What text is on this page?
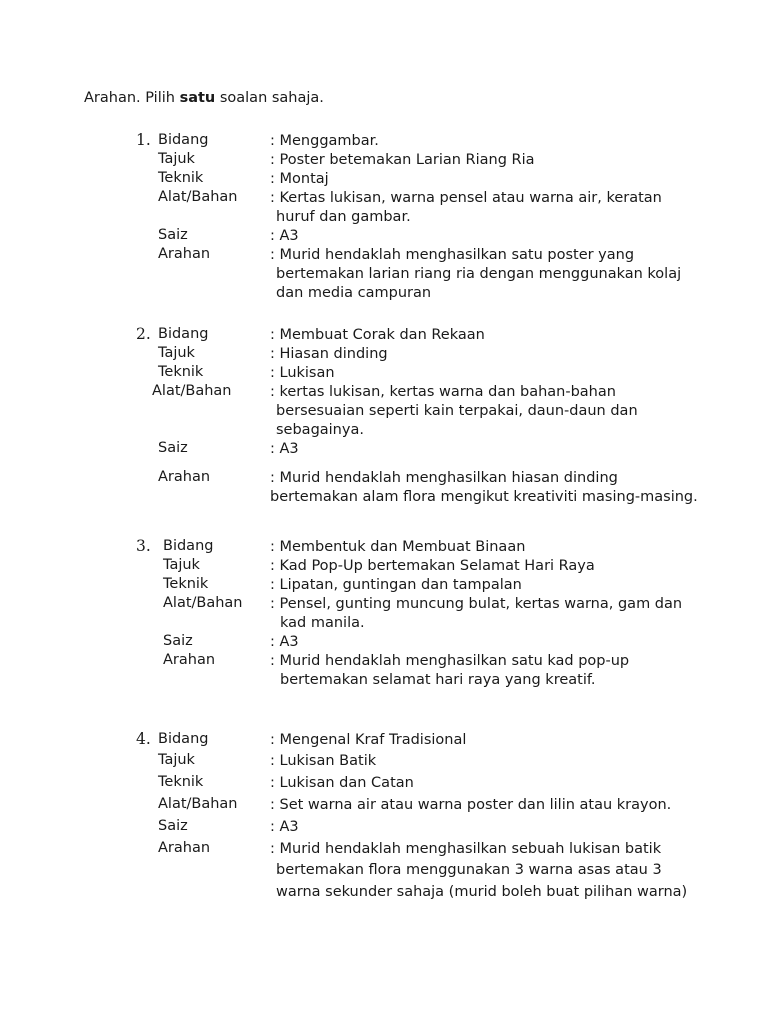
Arahan. Pilih satu soalan sahaja.
1. Bidang	: Menggambar.
Tajuk	: Poster betemakan Larian Riang Ria
Teknik	: Montaj
Alat/Bahan : Kertas lukisan, warna pensel atau warna air, keratan
huruf dan gambar.
Saiz	: A3
Arahan	: Murid hendaklah menghasilkan satu poster yang
bertemakan larian riang ria dengan menggunakan kolaj
dan media campuran
2. Bidang	: Membuat Corak dan Rekaan
Tajuk	: Hiasan dinding
Teknik	: Lukisan
Alat/Bahan	: kertas lukisan, kertas warna dan bahan-bahan
bersesuaian seperti kain terpakai, daun-daun dan
sebagainya.
Saiz	: A3
Arahan	: Murid hendaklah menghasilkan hiasan dinding
bertemakan alam flora mengikut kreativiti masing-masing.
3. Bidang	: Membentuk dan Membuat Binaan
Tajuk	: Kad Pop-Up bertemakan Selamat Hari Raya
Teknik	: Lipatan, guntingan dan tampalan
Alat/Bahan : Pensel, gunting muncung bulat, kertas warna, gam dan
kad manila.
Saiz	: A3
Arahan	: Murid hendaklah menghasilkan satu kad pop-up
bertemakan selamat hari raya yang kreatif.
4. Bidang	: Mengenal Kraf Tradisional
Tajuk	: Lukisan Batik
Teknik	: Lukisan dan Catan
Alat/Bahan : Set warna air atau warna poster dan lilin atau krayon.
Saiz	: A3
Arahan	: Murid hendaklah menghasilkan sebuah lukisan batik
bertemakan flora menggunakan 3 warna asas atau 3
warna sekunder sahaja (murid boleh buat pilihan warna)
